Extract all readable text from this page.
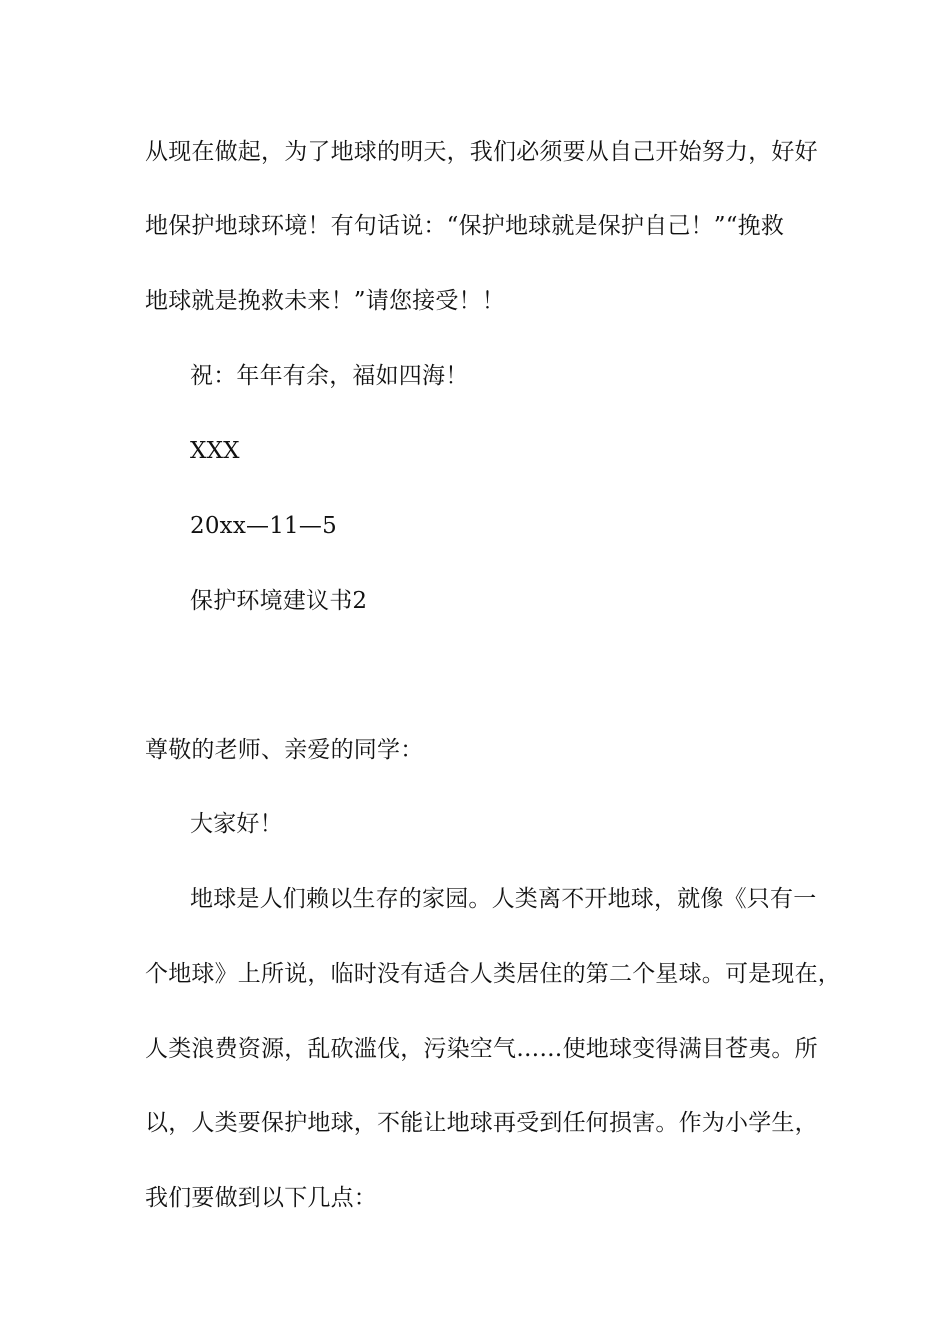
从现在做起，为了地球的明天，我们必须要从自己开始努力，好好
地保护地球环境！有句话说：“保护地球就是保护自己！”“挽救
地球就是挽救未来！”请您接受！！
祝：年年有余，福如四海！
XXX
20xx—11—5
保护环境建议书2
尊敬的老师、亲爱的同学：
大家好！
地球是人们赖以生存的家园。人类离不开地球，就像《只有一
个地球》上所说，临时没有适合人类居住的第二个星球。可是现在，
人类浪费资源，乱砍滥伐，污染空气……使地球变得满目苍夷。所
以，人类要保护地球，不能让地球再受到任何损害。作为小学生，
我们要做到以下几点：
